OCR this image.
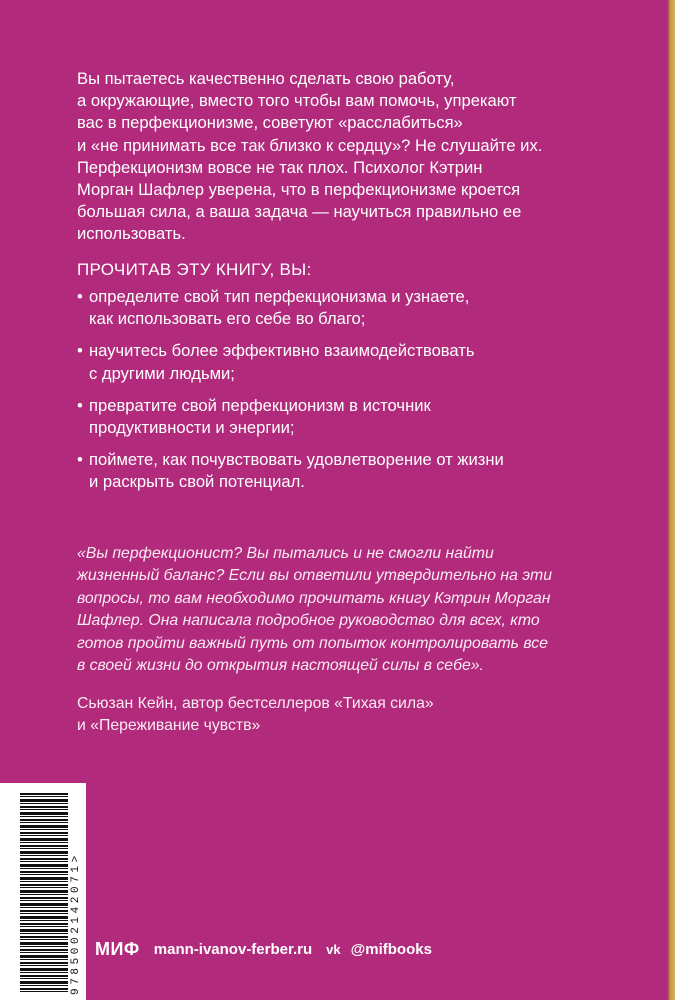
Вы пытаетесь качественно сделать свою работу,
а окружающие, вместо того чтобы вам помочь, упрекают
вас в перфекционизме, советуют «расслабиться»
и «не принимать все так близко к сердцу»? Не слушайте их.
Перфекционизм вовсе не так плох. Психолог Кэтрин
Морган Шафлер уверена, что в перфекционизме кроется
большая сила, а ваша задача — научиться правильно ее
использовать.

ПРОЧИТАВ ЭТУ КНИГУ, ВЫ:
• определите свой тип перфекционизма и узнаете,
как использовать его себе во благо;
• научитесь более эффективно взаимодействовать
с другими людьми;
• превратите свой перфекционизм в источник
продуктивности и энергии;
• поймете, как почувствовать удовлетворение от жизни
и раскрыть свой потенциал.

«Вы перфекционист? Вы пытались и не смогли найти
жизненный баланс? Если вы ответили утвердительно на эти
вопросы, то вам необходимо прочитать книгу Кэтрин Морган
Шафлер. Она написала подробное руководство для всех, кто
готов пройти важный путь от попыток контролировать все
в своей жизни до открытия настоящей силы в себе».

Сьюзан Кейн, автор бестселлеров «Тихая сила»
и «Переживание чувств»

9785002142071> МИФ mann-ivanov-ferber.ru vk @mifbooks
